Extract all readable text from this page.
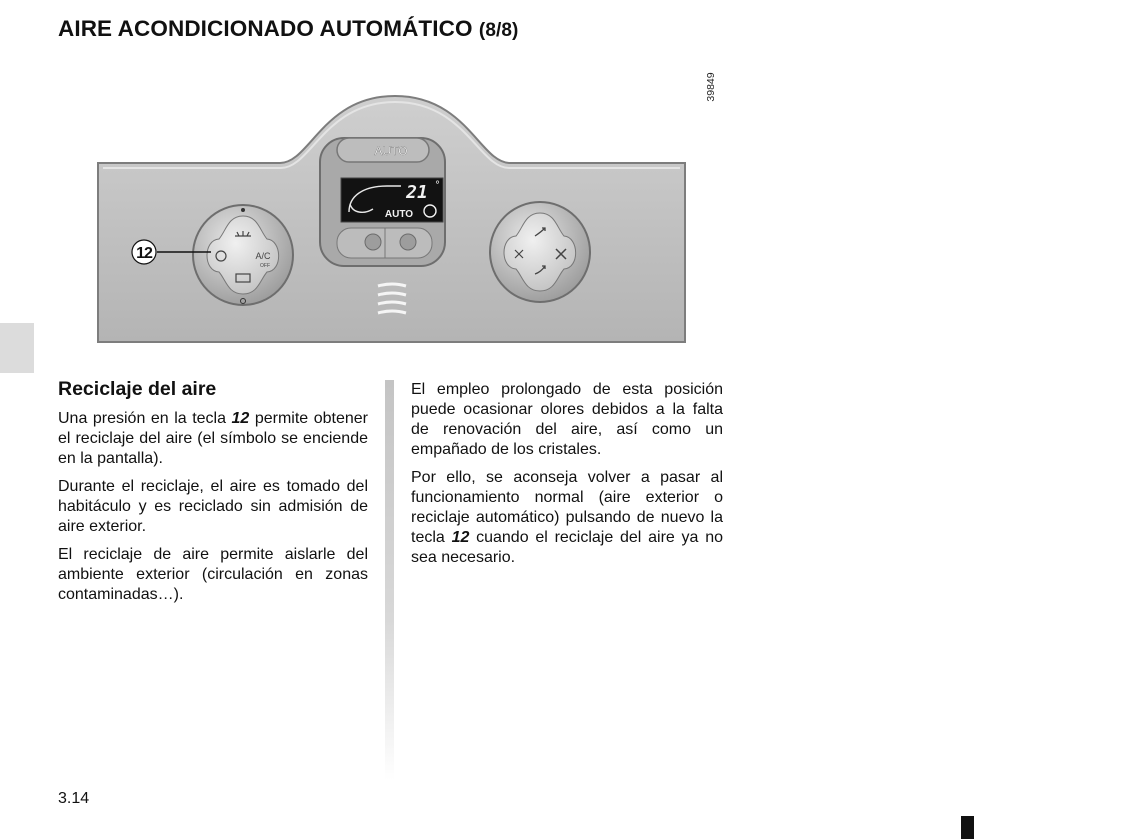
AIRE ACONDICIONADO AUTOMÁTICO (8/8)
39849
AUTO
21 °
AUTO
A/C
OFF
12
Reciclaje del aire

Una presión en la tecla 12 permite obtener el reciclaje del aire (el símbolo se enciende en la pantalla).

Durante el reciclaje, el aire es tomado del habitáculo y es reciclado sin admisión de aire exterior.

El reciclaje de aire permite aislarle del ambiente exterior (circulación en zonas contaminadas…).

El empleo prolongado de esta posición puede ocasionar olores debidos a la falta de renovación del aire, así como un empañado de los cristales.

Por ello, se aconseja volver a pasar al funcionamiento normal (aire exterior o reciclaje automático) pulsando de nuevo la tecla 12 cuando el reciclaje del aire ya no sea necesario.

3.14
